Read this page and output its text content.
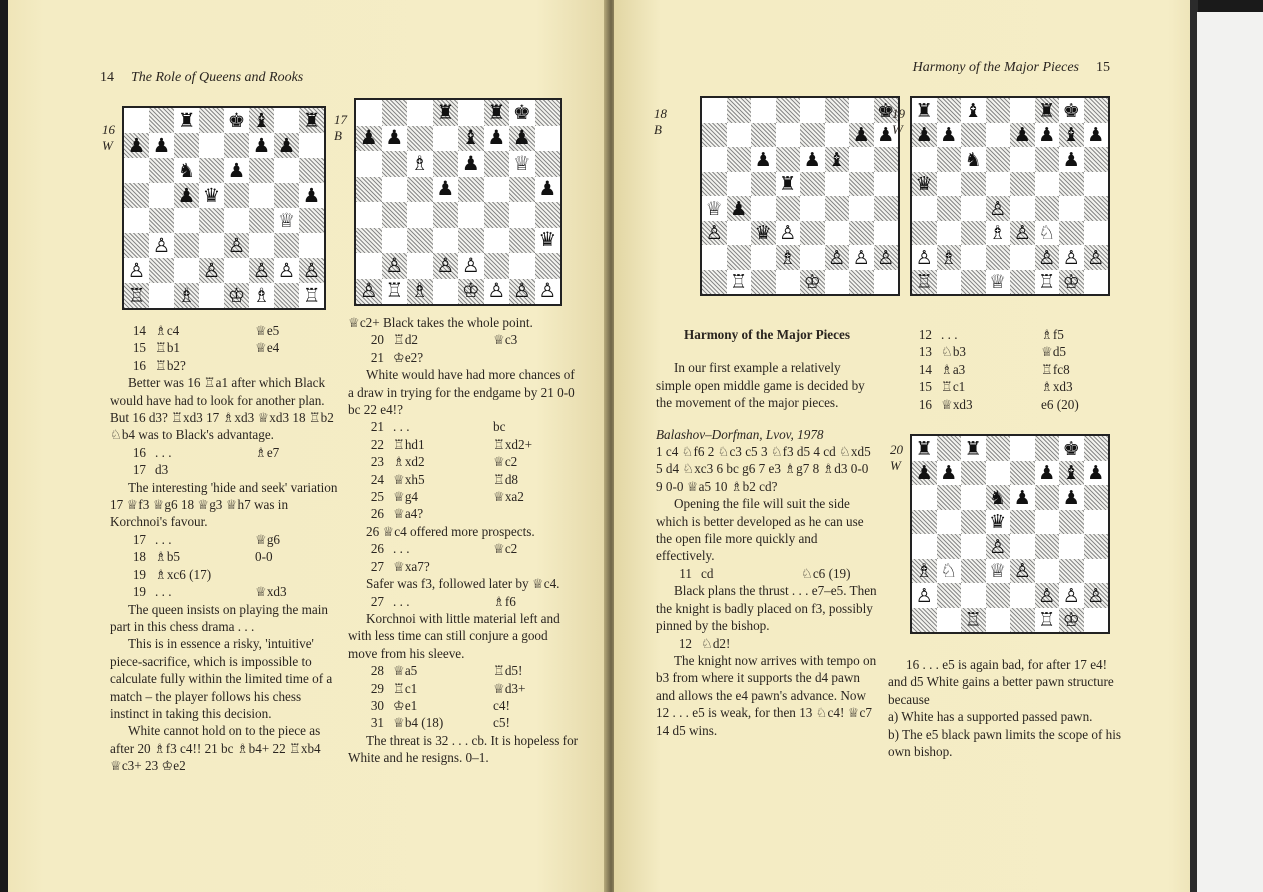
14 The Role of Queens and Rooks
16
W
♜ ♚ ♝ ♜
♟ ♟	♟ ♟
♞ ♟
♟ ♛	♟
♕
♙	♙
♙	♙ ♙ ♙ ♙
♖ ♗ ♔ ♗ ♖
17
B
♜ ♜ ♚
♟ ♟	♝ ♟ ♟
♗ ♟ ♕
♟	♟
♛
♙ ♙ ♙
♙ ♖ ♗ ♔ ♙ ♙ ♙
14 ♗c4	♕e5
15 ♖b1	♕e4
16 ♖b2?

Better was 16 ♖a1 after which Black would have had to look for another plan. But 16 d3? ♖xd3 17 ♗xd3 ♕xd3 18 ♖b2 ♘b4 was to Black's advantage.

16 . . .	♗e7
17 d3

The interesting 'hide and seek' variation 17 ♕f3 ♕g6 18 ♕g3 ♕h7 was in Korchnoi's favour.

17 . . .	♕g6
18 ♗b5	0-0
19 ♗xc6 (17)
19 . . .	♕xd3

The queen insists on playing the main part in this chess drama . . .

This is in essence a risky, 'intuitive' piece-sacrifice, which is impossible to calculate fully within the limited time of a match – the player follows his chess instinct in taking this decision.

White cannot hold on to the piece as after 20 ♗f3 c4!! 21 bc ♗b4+ 22 ♖xb4 ♕c3+ 23 ♔e2

♕c2+ Black takes the whole point.

20 ♖d2	♕c3
21 ♔e2?

White would have had more chances of a draw in trying for the endgame by 21 0-0 bc 22 e4!?

21 . . .	bc
22 ♖hd1	♖xd2+
23 ♗xd2	♕c2
24 ♕xh5	♖d8
25 ♕g4	♕xa2
26 ♕a4?

26 ♕c4 offered more prospects.

26 . . .	♕c2
27 ♕xa7?

Safer was f3, followed later by ♕c4.

27 . . .	♗f6

Korchnoi with little material left and with less time can still conjure a good move from his sleeve.

28 ♕a5	♖d5!
29 ♖c1	♕d3+
30 ♔e1	c4!
31 ♕b4 (18)	c5!

The threat is 32 . . . cb. It is hopeless for White and he resigns. 0–1.

Harmony of the Major Pieces 15
18
B
♚
♟ ♟
♟ ♟ ♝
♜
♕ ♟
♙ ♛ ♙
♗ ♙ ♙ ♙
♖	♔
19
W
♜ ♝	♜ ♚
♟ ♟	♟ ♟ ♝ ♟
♞	♟
♛
♙
♗ ♙ ♘
♙ ♗	♙ ♙ ♙
♖	♕ ♖ ♔
20
W
♜ ♜	♚
♟ ♟	♟ ♝ ♟
♞ ♟ ♟
♛
♙
♗ ♘ ♕ ♙
♙	♙ ♙ ♙
♖	♖ ♔

Harmony of the Major Pieces

In our first example a relatively simple open middle game is decided by the movement of the major pieces.

Balashov–Dorfman, Lvov, 1978

1 c4 ♘f6 2 ♘c3 c5 3 ♘f3 d5 4 cd ♘xd5 5 d4 ♘xc3 6 bc g6 7 e3 ♗g7 8 ♗d3 0-0 9 0-0 ♕a5 10 ♗b2 cd?

Opening the file will suit the side which is better developed as he can use the open file more quickly and effectively.

11 cd	♘c6 (19)

Black plans the thrust . . . e7–e5. Then the knight is badly placed on f3, possibly pinned by the bishop.

12 ♘d2!

The knight now arrives with tempo on b3 from where it supports the d4 pawn and allows the e4 pawn's advance. Now 12 . . . e5 is weak, for then 13 ♘c4! ♕c7 14 d5 wins.

12 . . .	♗f5
13 ♘b3	♕d5
14 ♗a3	♖fc8
15 ♖c1	♗xd3
16 ♕xd3	e6 (20)

16 . . . e5 is again bad, for after 17 e4! and d5 White gains a better pawn structure because

a) White has a supported passed pawn.

b) The e5 black pawn limits the scope of his own bishop.
